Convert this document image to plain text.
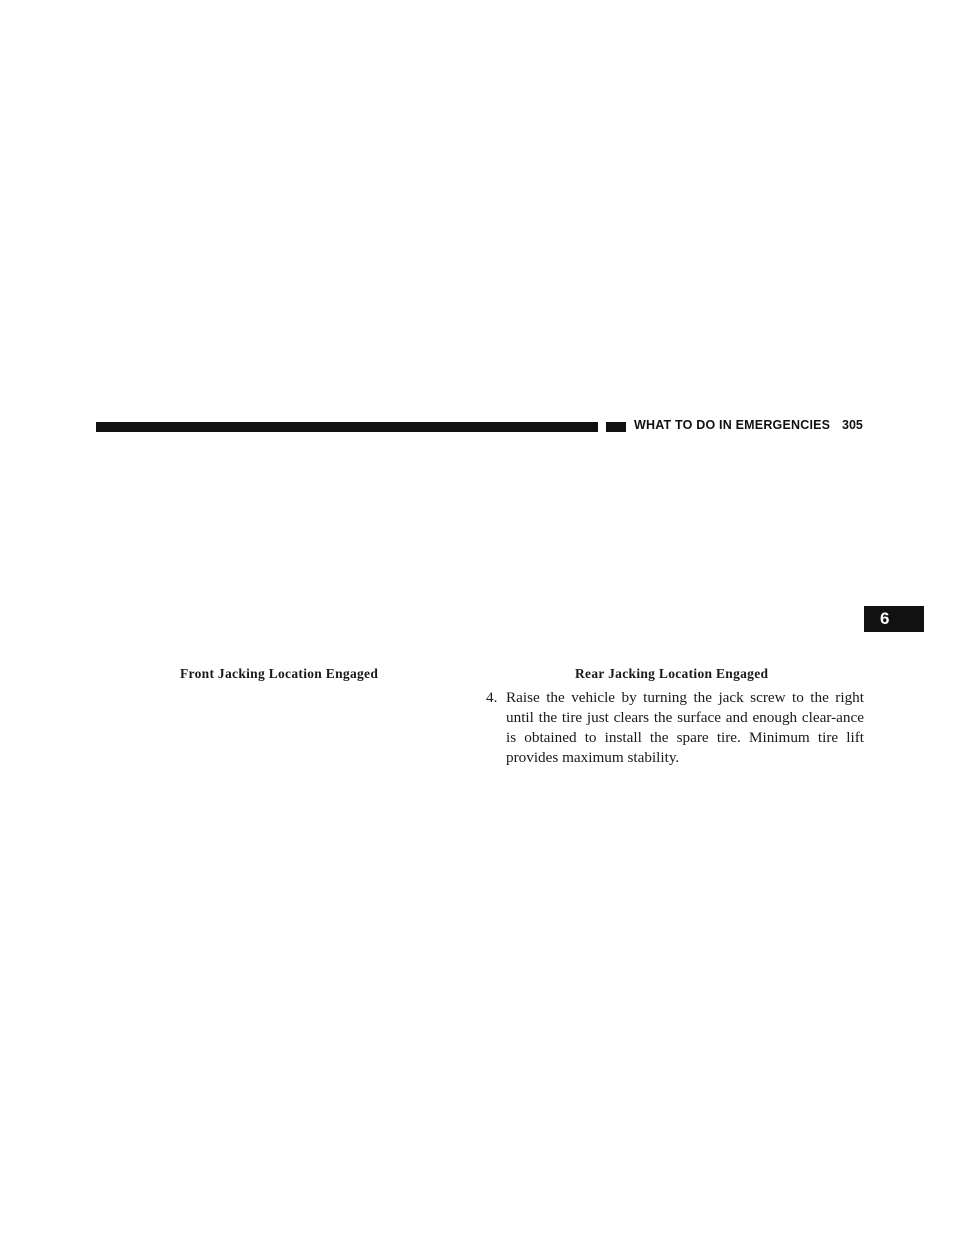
WHAT TO DO IN EMERGENCIES 305
6
Front Jacking Location Engaged	Rear Jacking Location Engaged
4. Raise the vehicle by turning the jack screw to the right until the tire just clears the surface and enough clear-ance is obtained to install the spare tire. Minimum tire lift provides maximum stability.
